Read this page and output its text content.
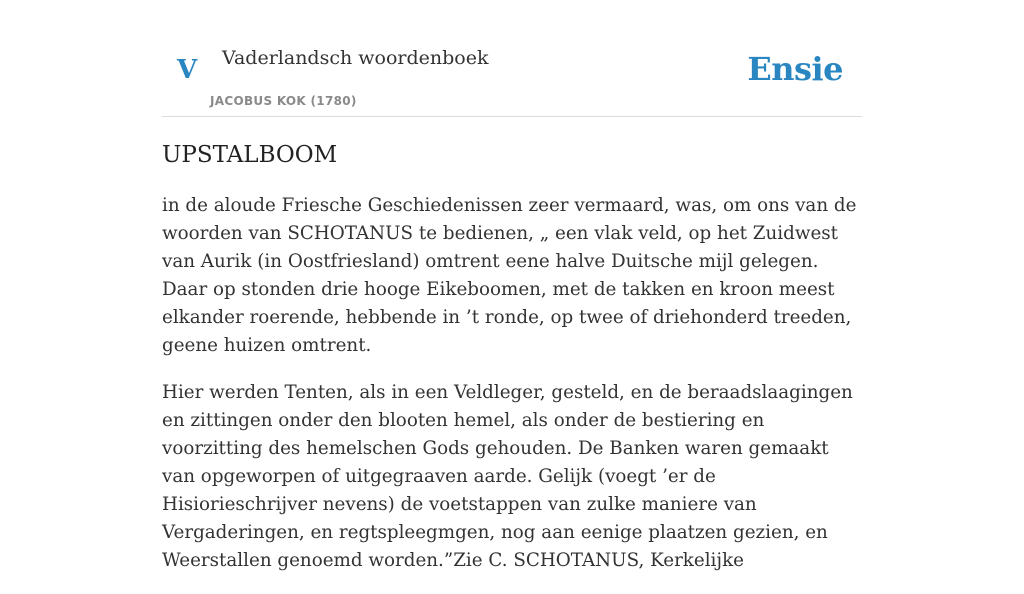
V Vaderlandsch woordenboek
JACOBUS KOK (1780)
Ensie
UPSTALBOOM

in de aloude Friesche Geschiedenissen zeer vermaard, was, om ons van de woorden van SCHOTANUS te bedienen, „ een vlak veld, op het Zuidwest van Aurik (in Oostfriesland) omtrent eene halve Duitsche mijl gelegen. Daar op stonden drie hooge Eikeboomen, met de takken en kroon meest elkander roerende, hebbende in ’t ronde, op twee of driehonderd treeden, geene huizen omtrent.

Hier werden Tenten, als in een Veldleger, gesteld, en de beraadslaagingen en zittingen onder den blooten hemel, als onder de bestiering en voorzitting des hemelschen Gods gehouden. De Banken waren gemaakt van opgeworpen of uitgegraaven aarde. Gelijk (voegt ’er de Hisiorieschrijver nevens) de voetstappen van zulke maniere van Vergaderingen, en regtspleegmgen, nog aan eenige plaatzen gezien, en Weerstallen genoemd worden.”Zie C. SCHOTANUS, Kerkelijke
